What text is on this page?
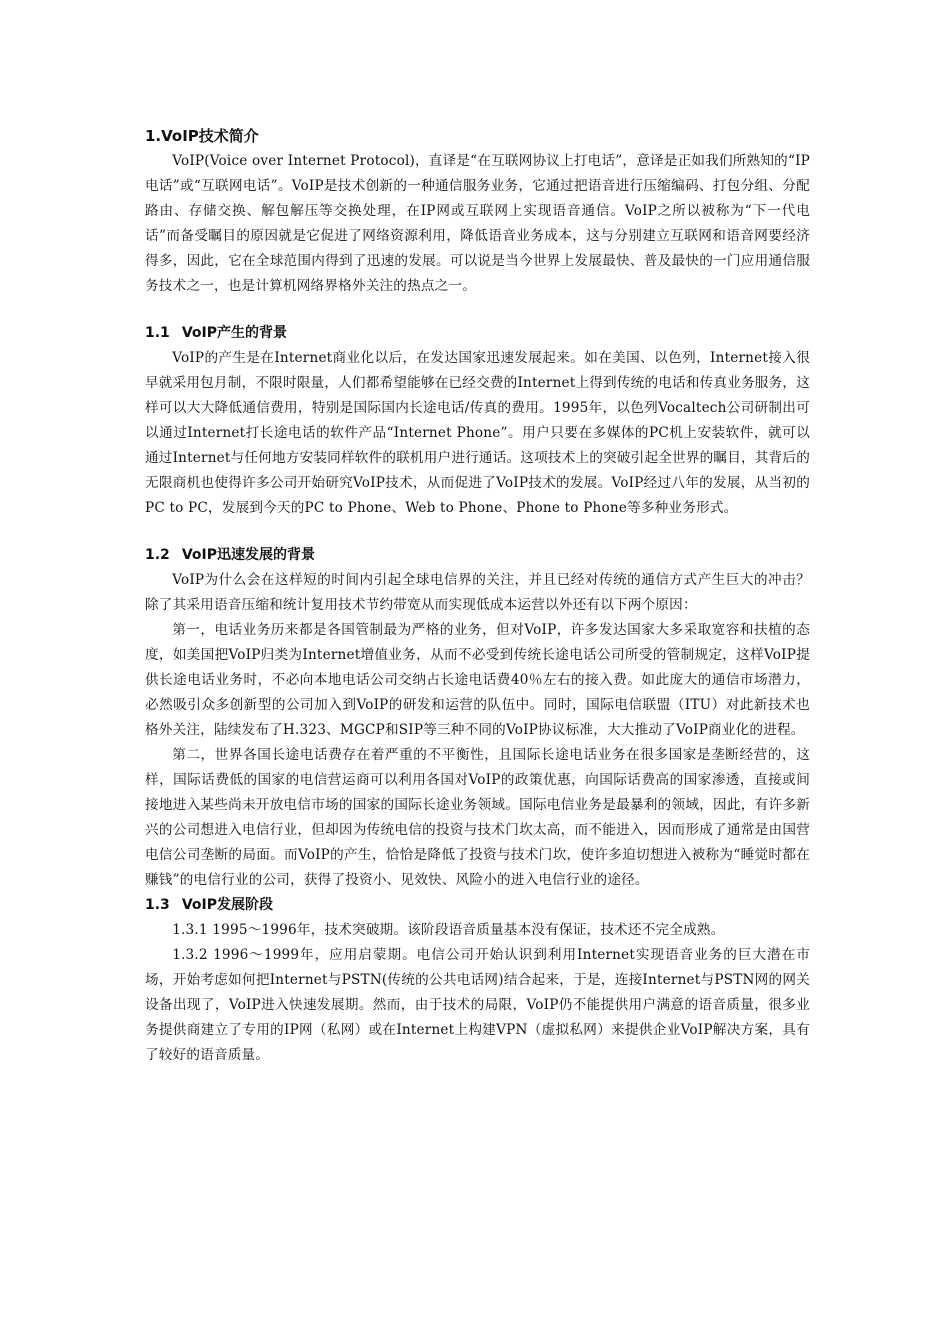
1.VoIP技术简介

VoIP(Voice over Internet Protocol)，直译是“在互联网协议上打电话”，意译是正如我们所熟知的“IP电话”或“互联网电话”。VoIP是技术创新的一种通信服务业务，它通过把语音进行压缩编码、打包分组、分配路由、存储交换、解包解压等交换处理，在IP网或互联网上实现语音通信。VoIP之所以被称为“下一代电话”而备受瞩目的原因就是它促进了网络资源利用，降低语音业务成本，这与分别建立互联网和语音网要经济得多，因此，它在全球范围内得到了迅速的发展。可以说是当今世界上发展最快、普及最快的一门应用通信服务技术之一，也是计算机网络界格外关注的热点之一。

1.1 VoIP产生的背景

VoIP的产生是在Internet商业化以后，在发达国家迅速发展起来。如在美国、以色列，Internet接入很早就采用包月制，不限时限量，人们都希望能够在已经交费的Internet上得到传统的电话和传真业务服务，这样可以大大降低通信费用，特别是国际国内长途电话/传真的费用。1995年，以色列Vocaltech公司研制出可以通过Internet打长途电话的软件产品“Internet Phone”。用户只要在多媒体的PC机上安装软件，就可以通过Internet与任何地方安装同样软件的联机用户进行通话。这项技术上的突破引起全世界的瞩目，其背后的无限商机也使得许多公司开始研究VoIP技术，从而促进了VoIP技术的发展。VoIP经过八年的发展，从当初的PC to PC，发展到今天的PC to Phone、Web to Phone、Phone to Phone等多种业务形式。

1.2 VoIP迅速发展的背景

VoIP为什么会在这样短的时间内引起全球电信界的关注，并且已经对传统的通信方式产生巨大的冲击？除了其采用语音压缩和统计复用技术节约带宽从而实现低成本运营以外还有以下两个原因：

第一，电话业务历来都是各国管制最为严格的业务，但对VoIP，许多发达国家大多采取宽容和扶植的态度，如美国把VoIP归类为Internet增值业务，从而不必受到传统长途电话公司所受的管制规定，这样VoIP提供长途电话业务时，不必向本地电话公司交纳占长途电话费40％左右的接入费。如此庞大的通信市场潜力，必然吸引众多创新型的公司加入到VoIP的研发和运营的队伍中。同时，国际电信联盟（ITU）对此新技术也格外关注，陆续发布了H.323、MGCP和SIP等三种不同的VoIP协议标准，大大推动了VoIP商业化的进程。

第二，世界各国长途电话费存在着严重的不平衡性，且国际长途电话业务在很多国家是垄断经营的，这样，国际话费低的国家的电信营运商可以利用各国对VoIP的政策优惠，向国际话费高的国家渗透，直接或间接地进入某些尚未开放电信市场的国家的国际长途业务领域。国际电信业务是最暴利的领域，因此，有许多新兴的公司想进入电信行业，但却因为传统电信的投资与技术门坎太高，而不能进入，因而形成了通常是由国营电信公司垄断的局面。而VoIP的产生，恰恰是降低了投资与技术门坎，使许多迫切想进入被称为“睡觉时都在赚钱”的电信行业的公司，获得了投资小、见效快、风险小的进入电信行业的途径。

1.3 VoIP发展阶段

1.3.1 1995～1996年，技术突破期。该阶段语音质量基本没有保证，技术还不完全成熟。

1.3.2 1996～1999年，应用启蒙期。电信公司开始认识到利用Internet实现语音业务的巨大潜在市场，开始考虑如何把Internet与PSTN(传统的公共电话网)结合起来，于是，连接Internet与PSTN网的网关设备出现了，VoIP进入快速发展期。然而，由于技术的局限，VoIP仍不能提供用户满意的语音质量，很多业务提供商建立了专用的IP网（私网）或在Internet上构建VPN（虚拟私网）来提供企业VoIP解决方案，具有了较好的语音质量。
